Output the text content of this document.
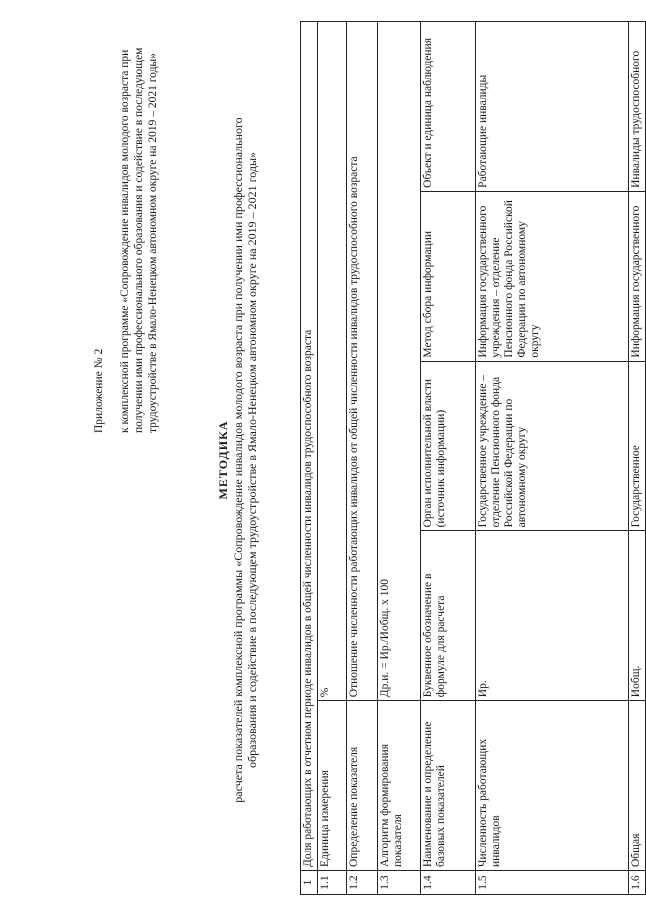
Приложение № 2 к комплексной программе «Сопровождение инвалидов молодого возраста при получении ими профессионального образования и содействие в последующем трудоустройстве в Ямало-Ненецком автономном округе на 2019 – 2021 годы»
МЕТОДИКА расчета показателей комплексной программы «Сопровождение инвалидов молодого возраста при получении ими профессионального образования и содействие в последующем трудоустройстве в Ямало-Ненецком автономном округе на 2019 – 2021 годы»
1	Доля работающих в отчетном периоде инвалидов в общей численности инвалидов трудоспособного возраста				
1.1	Единица измерения	%			
1.2	Определение показателя	Отношение численности работающих инвалидов от общей численности инвалидов трудоспособного возраста			
1.3	Алгоритм формирования показателя	Др.и. = Ир./Иобщ. х 100			
1.4	Наименование и определение базовых показателей	Буквенное обозначение в формуле для расчета	Орган исполнительной власти (источник информации)	Метод сбора информации	Объект и единица наблюдения
1.5	Численность работающих инвалидов	Ир.	Государственное учреждение – отделение Пенсионного фонда Российской Федерации по автономному округу	Информация государственного учреждения – отделение Пенсионного фонда Российской Федерации по автономному округу	Работающие инвалиды
1.6	Общая	Иобщ.	Государственное	Информация государственного	Инвалиды трудоспособного
